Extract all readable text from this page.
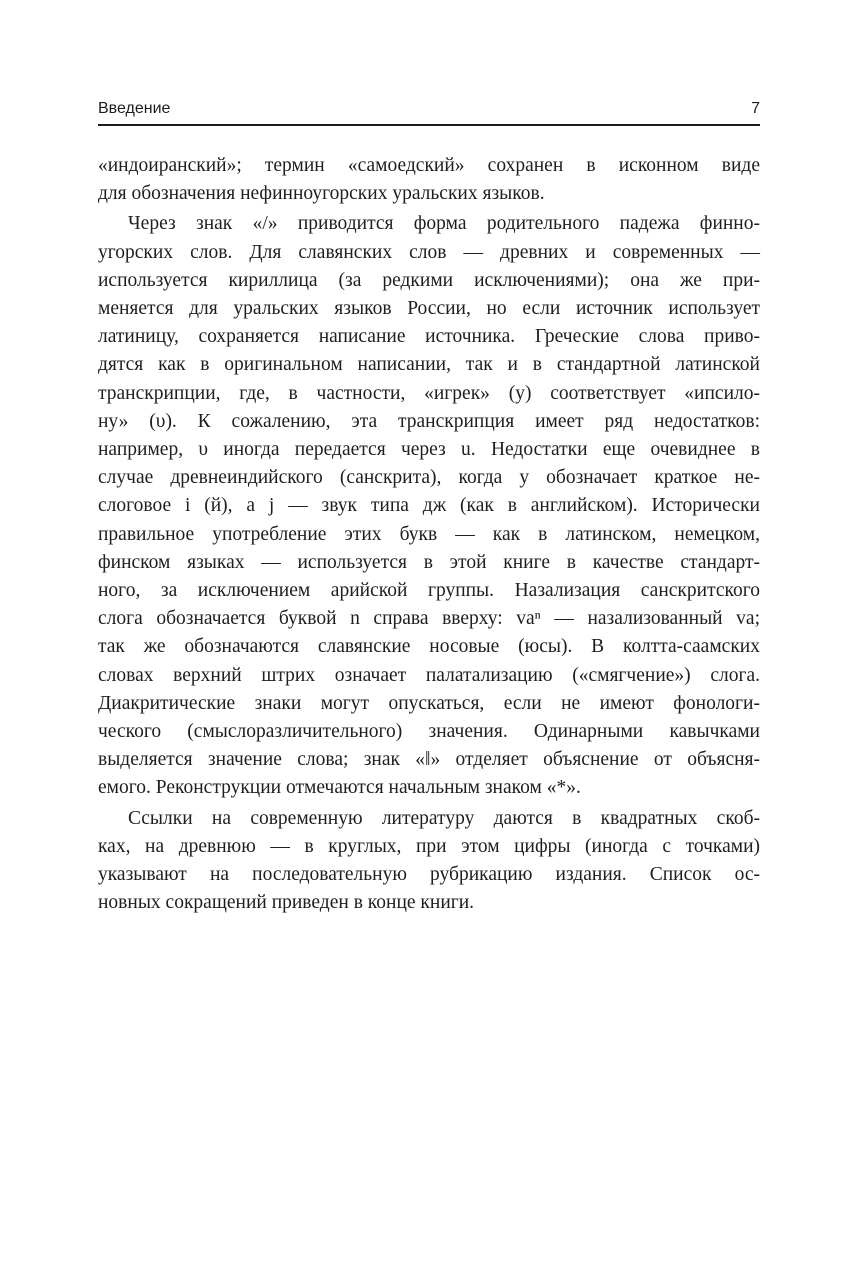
Введение	7

«индоиранский»; термин «самоедский» сохранен в исконном виде
для обозначения нефинноугорских уральских языков.

Через знак «/» приводится форма родительного падежа финно-
угорских слов. Для славянских слов — древних и современных —
используется кириллица (за редкими исключениями); она же при-
меняется для уральских языков России, но если источник использует
латиницу, сохраняется написание источника. Греческие слова приво-
дятся как в оригинальном написании, так и в стандартной латинской
транскрипции, где, в частности, «игрек» (y) соответствует «ипсило-
ну» (υ). К сожалению, эта транскрипция имеет ряд недостатков:
например, υ иногда передается через u. Недостатки еще очевиднее в
случае древнеиндийского (санскрита), когда y обозначает краткое не-
слоговое i (й), а j — звук типа дж (как в английском). Исторически
правильное употребление этих букв — как в латинском, немецком,
финском языках — используется в этой книге в качестве стандарт-
ного, за исключением арийской группы. Назализация санскритского
слога обозначается буквой n справа вверху: vaⁿ — назализованный va;
так же обозначаются славянские носовые (юсы). В колтта-саамских
словах верхний штрих означает палатализацию («смягчение») слога.
Диакритические знаки могут опускаться, если не имеют фонологи-
ческого (смыслоразличительного) значения. Одинарными кавычками
выделяется значение слова; знак «‖» отделяет объяснение от объясня-
емого. Реконструкции отмечаются начальным знаком «*».

Ссылки на современную литературу даются в квадратных скоб-
ках, на древнюю — в круглых, при этом цифры (иногда с точками)
указывают на последовательную рубрикацию издания. Список ос-
новных сокращений приведен в конце книги.
